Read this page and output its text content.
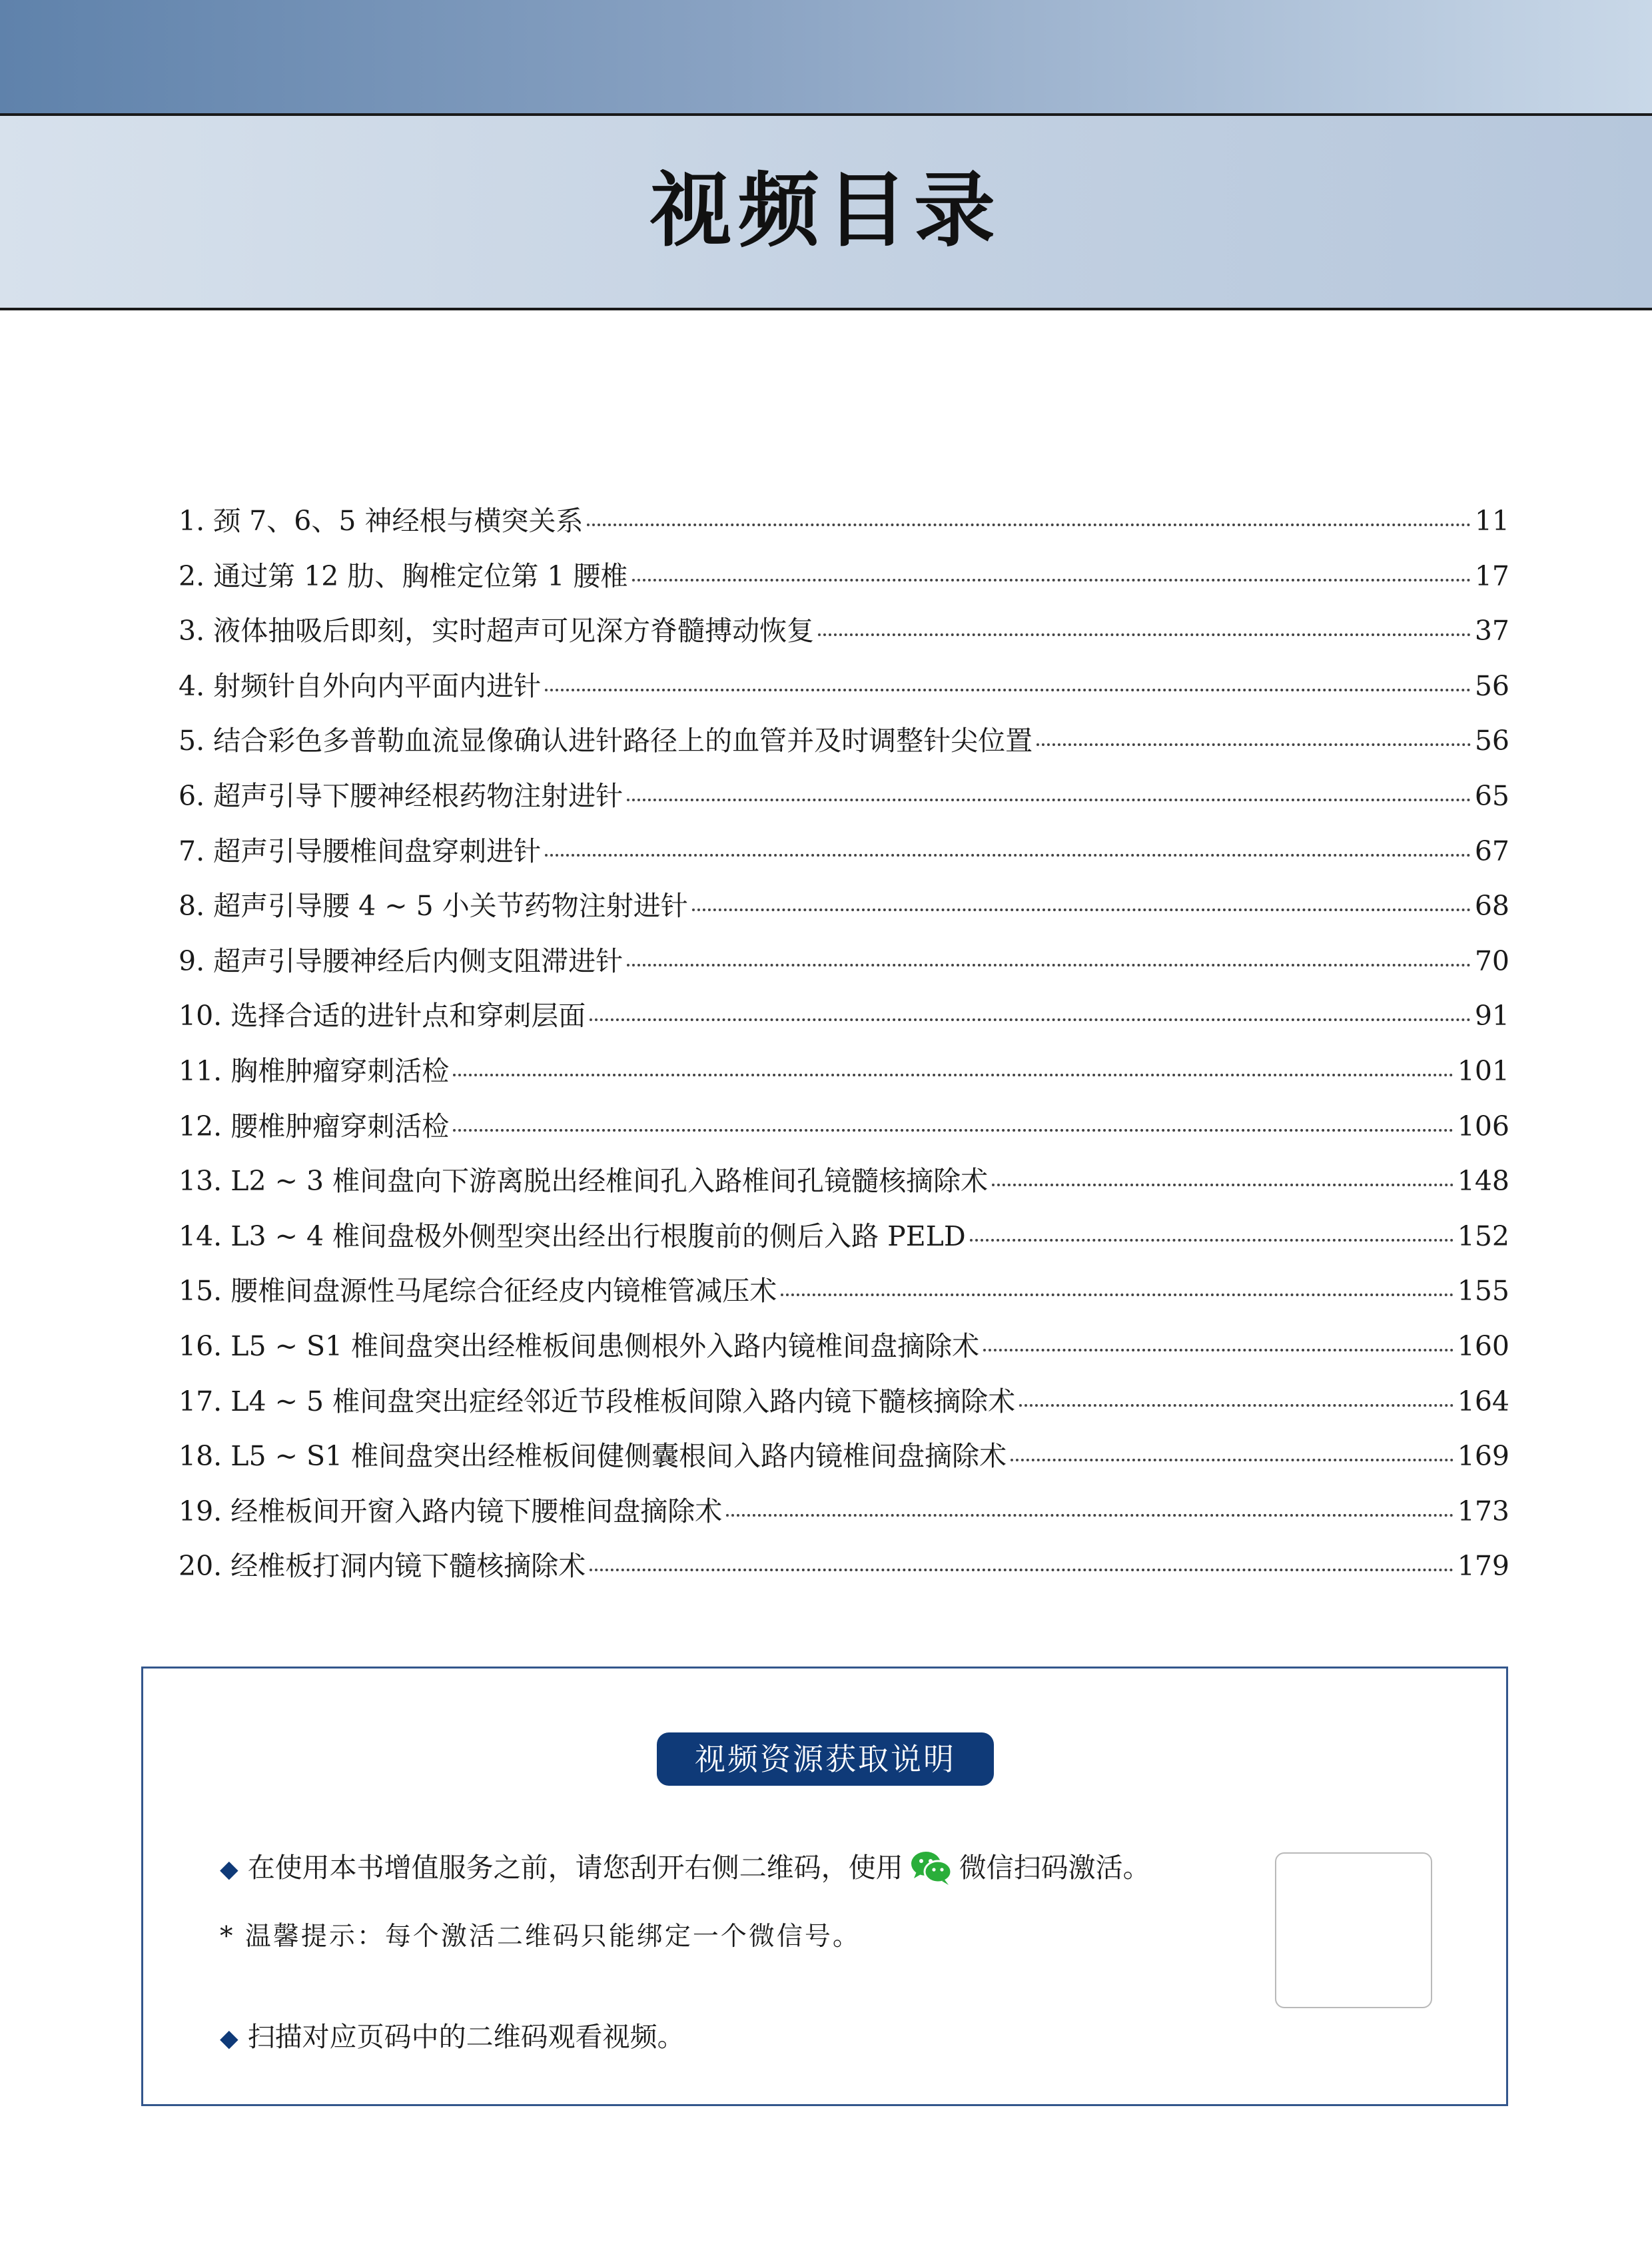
视频目录
1. 颈 7、6、5 神经根与横突关系	11
2. 通过第 12 肋、胸椎定位第 1 腰椎	17
3. 液体抽吸后即刻，实时超声可见深方脊髓搏动恢复	37
4. 射频针自外向内平面内进针	56
5. 结合彩色多普勒血流显像确认进针路径上的血管并及时调整针尖位置	56
6. 超声引导下腰神经根药物注射进针	65
7. 超声引导腰椎间盘穿刺进针	67
8. 超声引导腰 4 ~ 5 小关节药物注射进针	68
9. 超声引导腰神经后内侧支阻滞进针	70
10. 选择合适的进针点和穿刺层面	91
11. 胸椎肿瘤穿刺活检	101
12. 腰椎肿瘤穿刺活检	106
13. L2 ~ 3 椎间盘向下游离脱出经椎间孔入路椎间孔镜髓核摘除术	148
14. L3 ~ 4 椎间盘极外侧型突出经出行根腹前的侧后入路 PELD	152
15. 腰椎间盘源性马尾综合征经皮内镜椎管减压术	155
16. L5 ~ S1 椎间盘突出经椎板间患侧根外入路内镜椎间盘摘除术	160
17. L4 ~ 5 椎间盘突出症经邻近节段椎板间隙入路内镜下髓核摘除术	164
18. L5 ~ S1 椎间盘突出经椎板间健侧囊根间入路内镜椎间盘摘除术	169
19. 经椎板间开窗入路内镜下腰椎间盘摘除术	173
20. 经椎板打洞内镜下髓核摘除术	179
视频资源获取说明
◆ 在使用本书增值服务之前，请您刮开右侧二维码，使用 微信扫码激活。
* 温馨提示：每个激活二维码只能绑定一个微信号。
◆ 扫描对应页码中的二维码观看视频。
